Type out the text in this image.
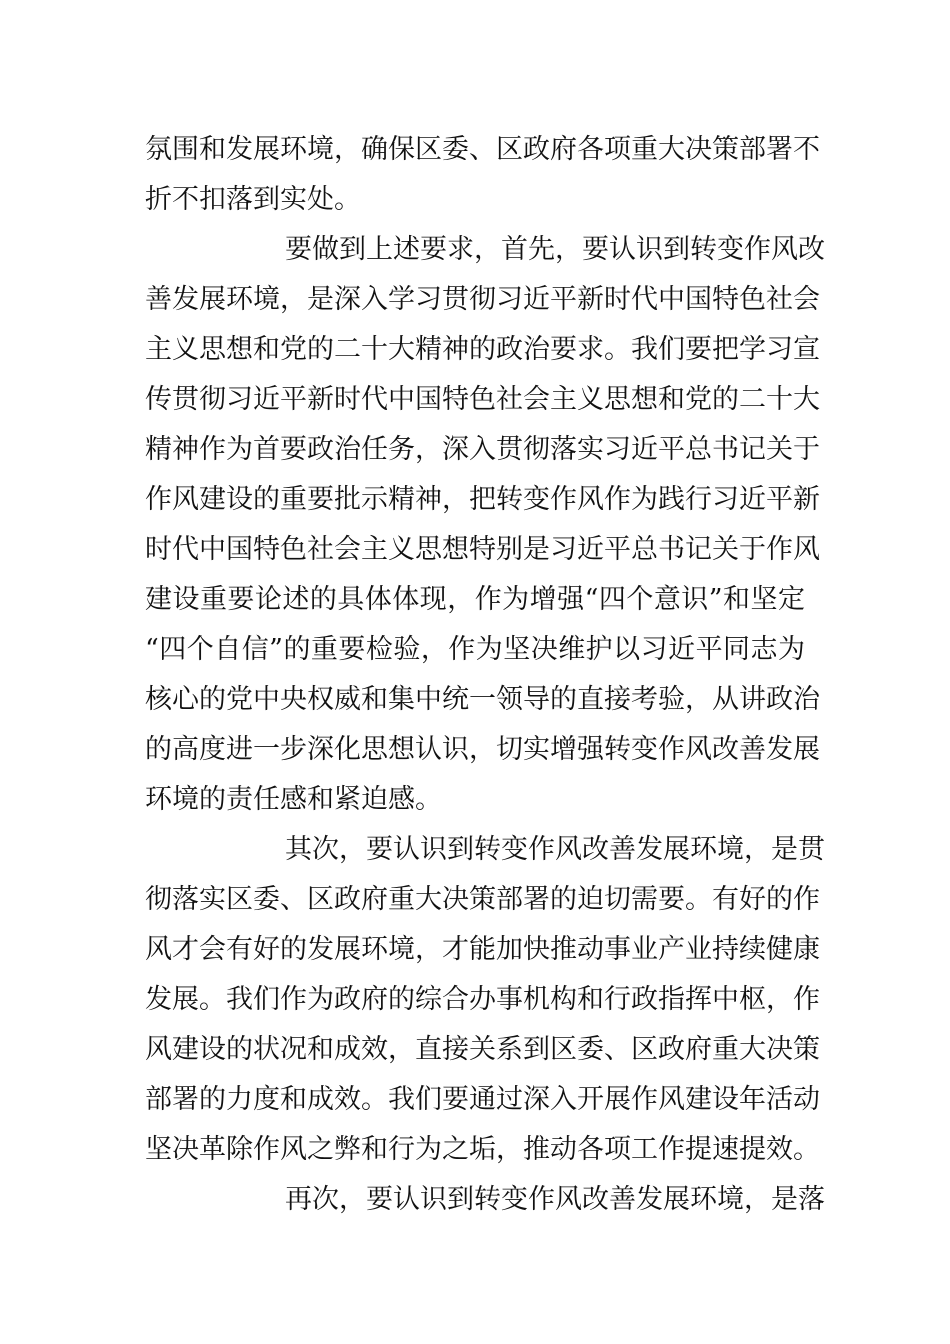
氛围和发展环境，确保区委、区政府各项重大决策部署不
折不扣落到实处。
要做到上述要求，首先，要认识到转变作风改
善发展环境，是深入学习贯彻习近平新时代中国特色社会
主义思想和党的二十大精神的政治要求。我们要把学习宣
传贯彻习近平新时代中国特色社会主义思想和党的二十大
精神作为首要政治任务，深入贯彻落实习近平总书记关于
作风建设的重要批示精神，把转变作风作为践行习近平新
时代中国特色社会主义思想特别是习近平总书记关于作风
建设重要论述的具体体现，作为增强“四个意识”和坚定
“四个自信”的重要检验，作为坚决维护以习近平同志为
核心的党中央权威和集中统一领导的直接考验，从讲政治
的高度进一步深化思想认识，切实增强转变作风改善发展
环境的责任感和紧迫感。
其次，要认识到转变作风改善发展环境，是贯
彻落实区委、区政府重大决策部署的迫切需要。有好的作
风才会有好的发展环境，才能加快推动事业产业持续健康
发展。我们作为政府的综合办事机构和行政指挥中枢，作
风建设的状况和成效，直接关系到区委、区政府重大决策
部署的力度和成效。我们要通过深入开展作风建设年活动
坚决革除作风之弊和行为之垢，推动各项工作提速提效。
再次，要认识到转变作风改善发展环境，是落
